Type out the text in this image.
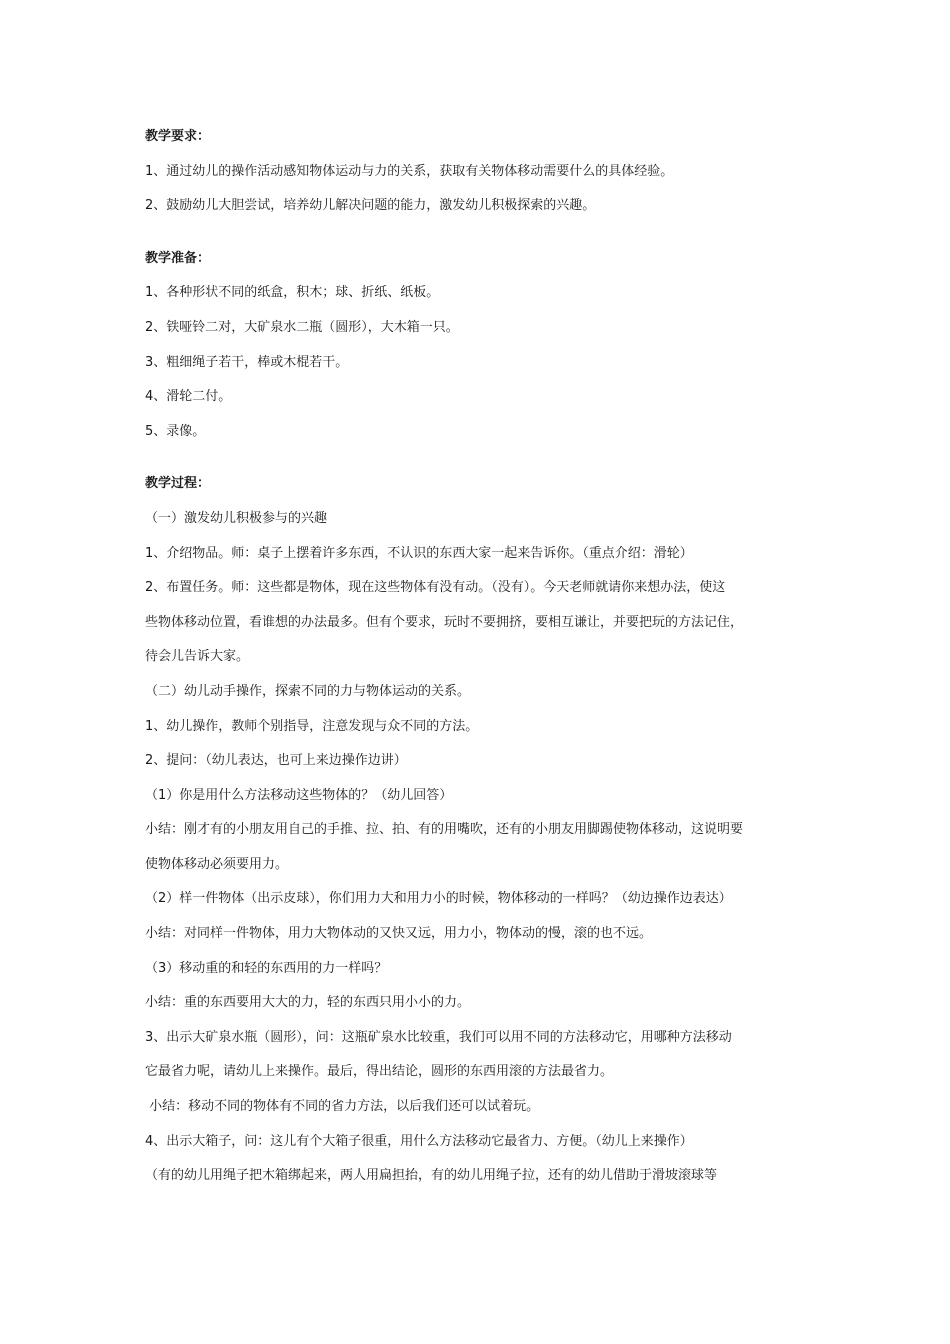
教学要求：
1、通过幼儿的操作活动感知物体运动与力的关系，获取有关物体移动需要什么的具体经验。
2、鼓励幼儿大胆尝试，培养幼儿解决问题的能力，激发幼儿积极探索的兴趣。
教学准备：
1、各种形状不同的纸盒，积木；球、折纸、纸板。
2、铁哑铃二对，大矿泉水二瓶（圆形），大木箱一只。
3、粗细绳子若干，棒或木棍若干。
4、滑轮二付。
5、录像。
教学过程：
（一）激发幼儿积极参与的兴趣
1、介绍物品。师：桌子上摆着许多东西，不认识的东西大家一起来告诉你。（重点介绍：滑轮）
2、布置任务。师：这些都是物体，现在这些物体有没有动。（没有）。今天老师就请你来想办法，使这
些物体移动位置，看谁想的办法最多。但有个要求，玩时不要拥挤，要相互谦让，并要把玩的方法记住，
待会儿告诉大家。
（二）幼儿动手操作，探索不同的力与物体运动的关系。
1、幼儿操作，教师个别指导，注意发现与众不同的方法。
2、提问：（幼儿表达，也可上来边操作边讲）
（1）你是用什么方法移动这些物体的？（幼儿回答）
小结：刚才有的小朋友用自己的手推、拉、拍、有的用嘴吹，还有的小朋友用脚踢使物体移动，这说明要
使物体移动必须要用力。
（2）样一件物体（出示皮球），你们用力大和用力小的时候，物体移动的一样吗？（幼边操作边表达）
小结：对同样一件物体，用力大物体动的又快又远，用力小，物体动的慢，滚的也不远。
（3）移动重的和轻的东西用的力一样吗？
小结：重的东西要用大大的力，轻的东西只用小小的力。
3、出示大矿泉水瓶（圆形），问：这瓶矿泉水比较重，我们可以用不同的方法移动它，用哪种方法移动
它最省力呢，请幼儿上来操作。最后，得出结论，圆形的东西用滚的方法最省力。
小结：移动不同的物体有不同的省力方法，以后我们还可以试着玩。
4、出示大箱子，问：这儿有个大箱子很重，用什么方法移动它最省力、方便。（幼儿上来操作）
（有的幼儿用绳子把木箱绑起来，两人用扁担抬，有的幼儿用绳子拉，还有的幼儿借助于滑坡滚球等
